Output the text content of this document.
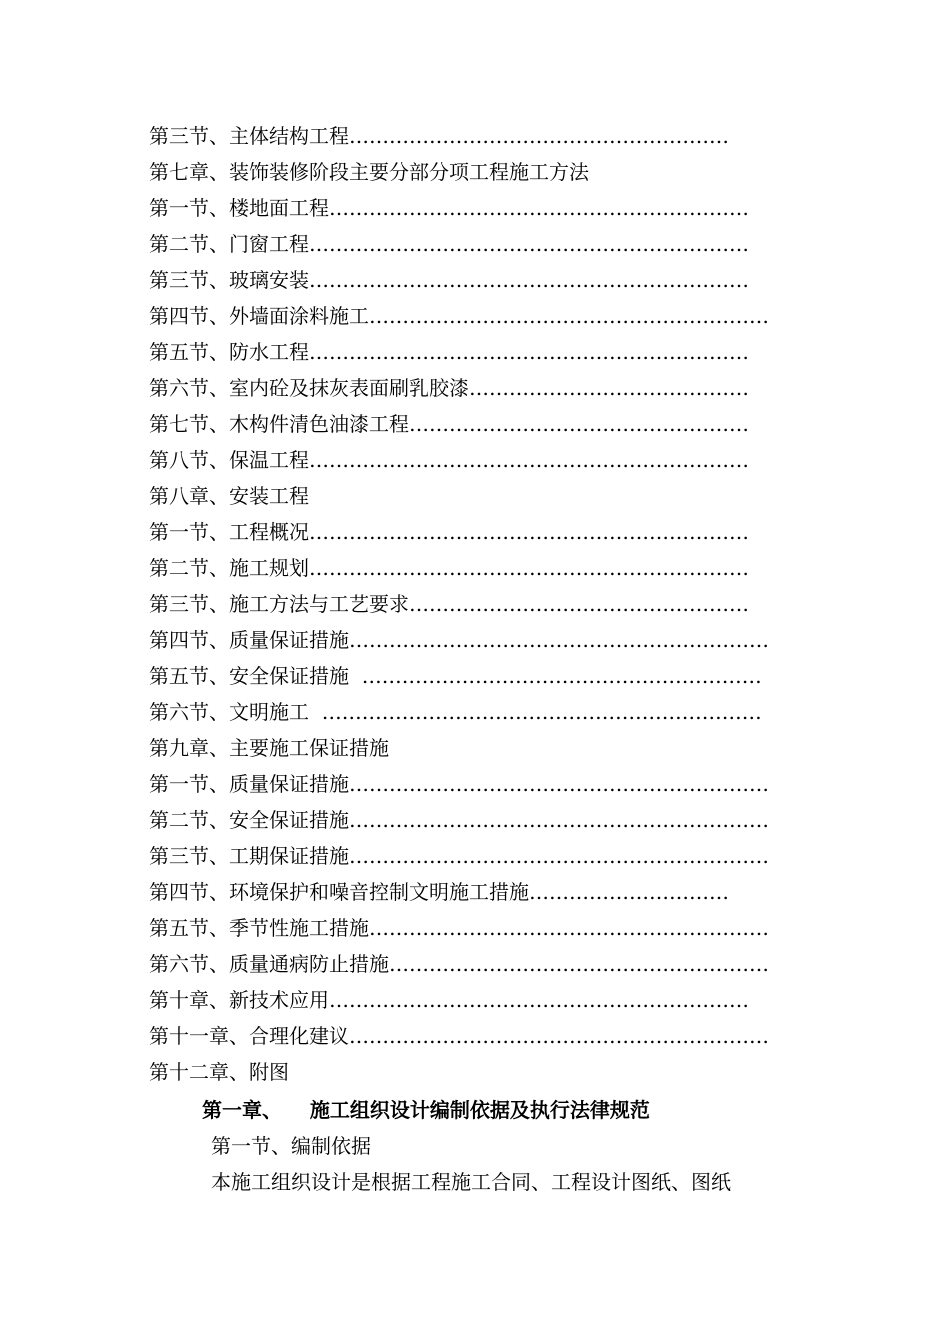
第三节、主体结构工程…………………………………………………
第七章、装饰装修阶段主要分部分项工程施工方法
第一节、楼地面工程………………………………………………………
第二节、门窗工程…………………………………………………………
第三节、玻璃安装…………………………………………………………
第四节、外墙面涂料施工……………………………………………………
第五节、防水工程…………………………………………………………
第六节、室内砼及抹灰表面刷乳胶漆……………………………………
第七节、木构件清色油漆工程……………………………………………
第八节、保温工程…………………………………………………………
第八章、安装工程
第一节、工程概况…………………………………………………………
第二节、施工规划…………………………………………………………
第三节、施工方法与工艺要求……………………………………………
第四节、质量保证措施………………………………………………………
第五节、安全保证措施  ……………………………………………………
第六节、文明施工  …………………………………………………………
第九章、主要施工保证措施
第一节、质量保证措施………………………………………………………
第二节、安全保证措施………………………………………………………
第三节、工期保证措施………………………………………………………
第四节、环境保护和噪音控制文明施工措施…………………………
第五节、季节性施工措施……………………………………………………
第六节、质量通病防止措施…………………………………………………
第十章、新技术应用………………………………………………………
第十一章、合理化建议………………………………………………………
第十二章、附图
第一章、    施工组织设计编制依据及执行法律规范
第一节、编制依据
本施工组织设计是根据工程施工合同、工程设计图纸、图纸
